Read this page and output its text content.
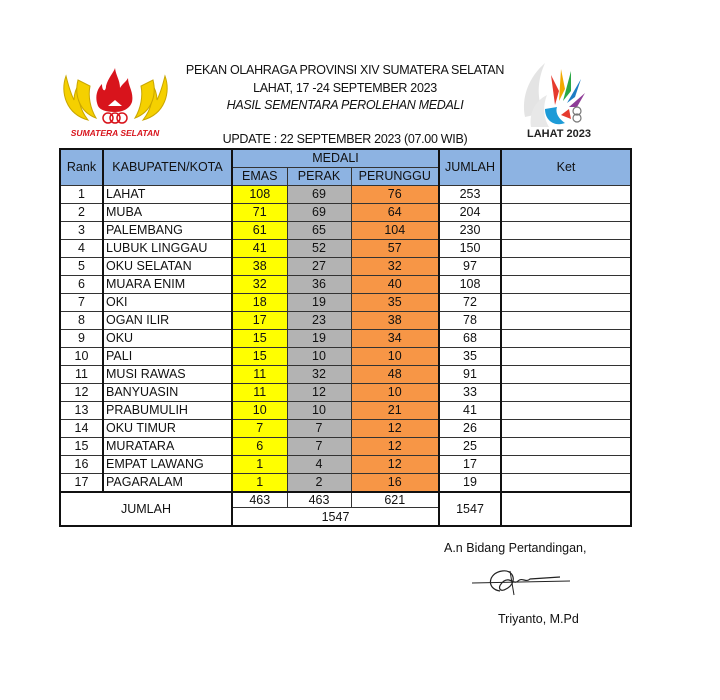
SUMATERA SELATAN
PEKAN OLAHRAGA PROVINSI XIV SUMATERA SELATAN
LAHAT, 17 -24 SEPTEMBER 2023
HASIL SEMENTARA PEROLEHAN MEDALI
UPDATE : 22 SEPTEMBER 2023 (07.00 WIB)	LAHAT 2023
Rank	KABUPATEN/KOTA	MEDALI			JUMLAH	Ket
		EMAS	PERAK	PERUNGGU		
1	LAHAT	108	69	76	253	
2	MUBA	71	69	64	204	
3	PALEMBANG	61	65	104	230	
4	LUBUK LINGGAU	41	52	57	150	
5	OKU SELATAN	38	27	32	97	
6	MUARA ENIM	32	36	40	108	
7	OKI	18	19	35	72	
8	OGAN ILIR	17	23	38	78	
9	OKU	15	19	34	68	
10	PALI	15	10	10	35	
11	MUSI RAWAS	11	32	48	91	
12	BANYUASIN	11	12	10	33	
13	PRABUMULIH	10	10	21	41	
14	OKU TIMUR	7	7	12	26	
15	MURATARA	6	7	12	25	
16	EMPAT LAWANG	1	4	12	17	
17	PAGARALAM	1	2	16	19	
JUMLAH		463	463	621	1547	
		1547				
A.n Bidang Pertandingan,
Triyanto, M.Pd
